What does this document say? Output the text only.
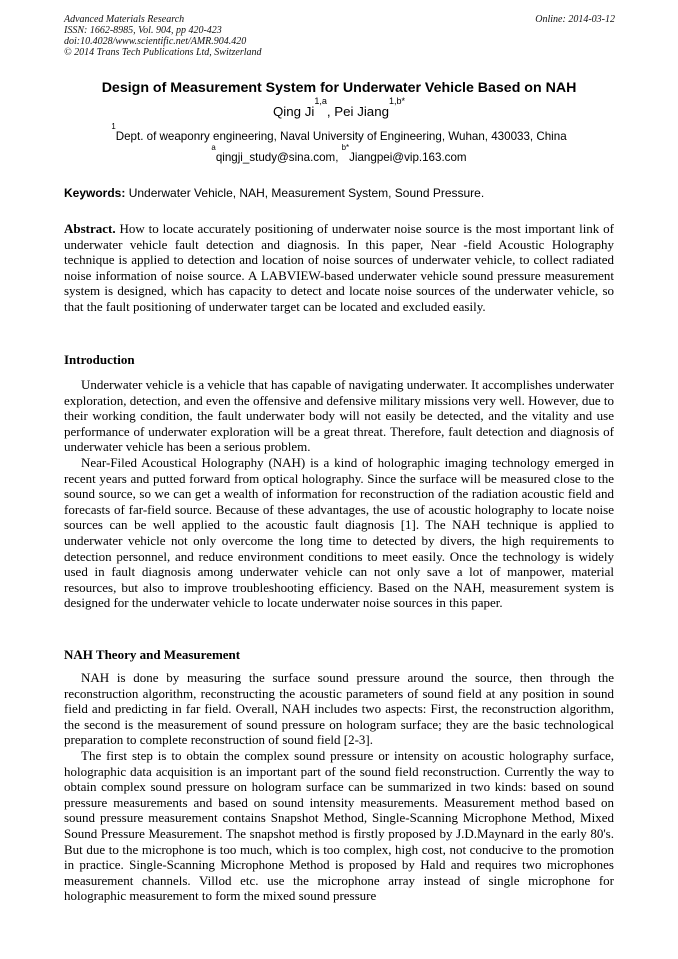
Advanced Materials Research
ISSN: 1662-8985, Vol. 904, pp 420-423
doi:10.4028/www.scientific.net/AMR.904.420
© 2014 Trans Tech Publications Ltd, Switzerland
Online: 2014-03-12
Design of Measurement System for Underwater Vehicle Based on NAH
Qing Ji$^{1,a}$, Pei Jiang$^{1,b*}$
$^1$Dept. of weaponry engineering, Naval University of Engineering, Wuhan, 430033, China
$^a$qingji_study@sina.com, $^{b*}$Jiangpei@vip.163.com
Keywords: Underwater Vehicle, NAH, Measurement System, Sound Pressure.

Abstract. How to locate accurately positioning of underwater noise source is the most important link of underwater vehicle fault detection and diagnosis. In this paper, Near -field Acoustic Holography technique is applied to detection and location of noise sources of underwater vehicle, to collect radiated noise information of noise source. A LABVIEW-based underwater vehicle sound pressure measurement system is designed, which has capacity to detect and locate noise sources of the underwater vehicle, so that the fault positioning of underwater target can be located and excluded easily.

Introduction

Underwater vehicle is a vehicle that has capable of navigating underwater. It accomplishes underwater exploration, detection, and even the offensive and defensive military missions very well. However, due to their working condition, the fault underwater body will not easily be detected, and the vitality and use performance of underwater exploration will be a great threat. Therefore, fault detection and diagnosis of underwater vehicle has been a serious problem.

Near-Filed Acoustical Holography (NAH) is a kind of holographic imaging technology emerged in recent years and putted forward from optical holography. Since the surface will be measured close to the sound source, so we can get a wealth of information for reconstruction of the radiation acoustic field and forecasts of far-field source. Because of these advantages, the use of acoustic holography to locate noise sources can be well applied to the acoustic fault diagnosis [1]. The NAH technique is applied to underwater vehicle not only overcome the long time to detected by divers, the high requirements to detection personnel, and reduce environment conditions to meet easily. Once the technology is widely used in fault diagnosis among underwater vehicle can not only save a lot of manpower, material resources, but also to improve troubleshooting efficiency. Based on the NAH, measurement system is designed for the underwater vehicle to locate underwater noise sources in this paper.

NAH Theory and Measurement

NAH is done by measuring the surface sound pressure around the source, then through the reconstruction algorithm, reconstructing the acoustic parameters of sound field at any position in sound field and predicting in far field. Overall, NAH includes two aspects: First, the reconstruction algorithm, the second is the measurement of sound pressure on hologram surface; they are the basic technological preparation to complete reconstruction of sound field [2-3].

The first step is to obtain the complex sound pressure or intensity on acoustic holography surface, holographic data acquisition is an important part of the sound field reconstruction. Currently the way to obtain complex sound pressure on hologram surface can be summarized in two kinds: based on sound pressure measurements and based on sound intensity measurements. Measurement method based on sound pressure measurement contains Snapshot Method, Single-Scanning Microphone Method, Mixed Sound Pressure Measurement. The snapshot method is firstly proposed by J.D.Maynard in the early 80's. But due to the microphone is too much, which is too complex, high cost, not conducive to the promotion in practice. Single-Scanning Microphone Method is proposed by Hald and requires two microphones measurement channels. Villod etc. use the microphone array instead of single microphone for holographic measurement to form the mixed sound pressure
